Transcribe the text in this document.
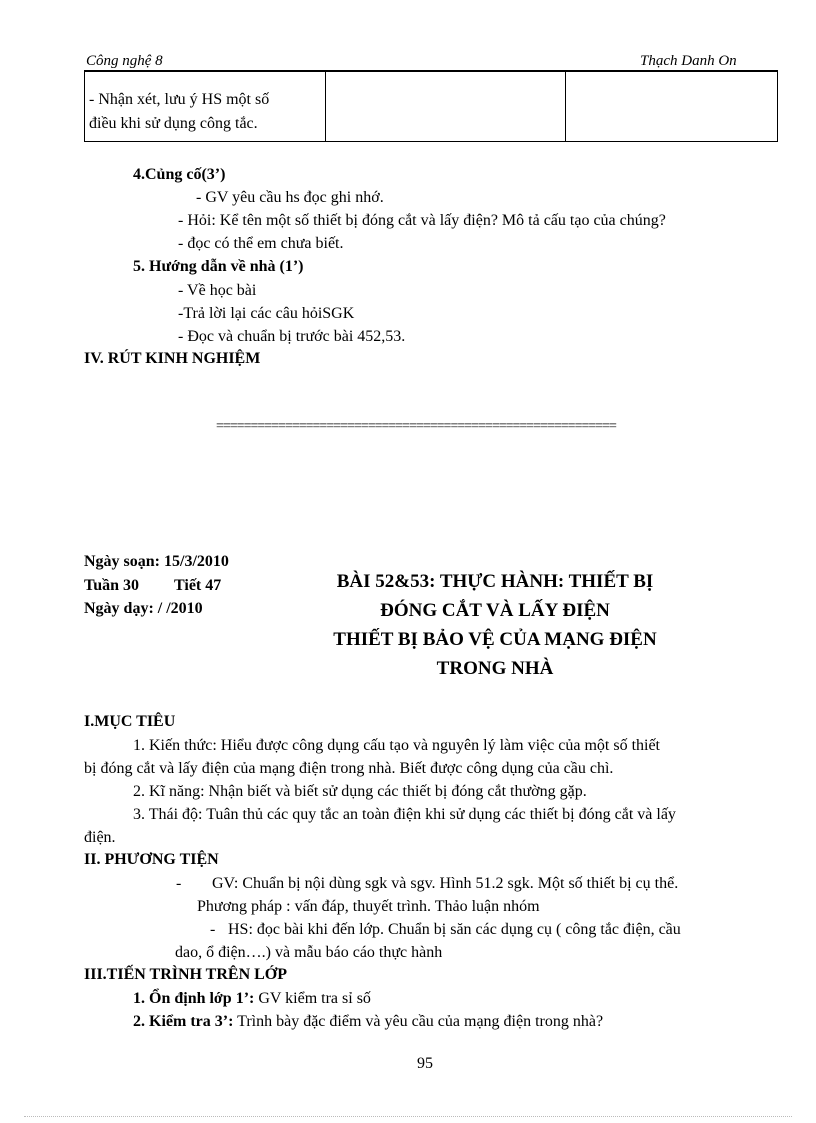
Công nghệ 8	Thạch Danh On
- Nhận xét, lưu ý HS một số
điều khi sử dụng công tắc.

4.Củng cố(3’)
- GV yêu cầu hs đọc ghi nhớ.
- Hỏi: Kể tên một số thiết bị đóng cắt và lấy điện? Mô tả cấu tạo của chúng?
- đọc có thể em chưa biết.
5. Hướng dẫn về nhà (1’)
- Về học bài
-Trả lời lại các câu hỏiSGK
- Đọc và chuẩn bị trước bài 452,53.
IV. RÚT KINH NGHIỆM
==========================================================
Ngày soạn: 15/3/2010
Tuần 30 Tiết 47
Ngày dạy: / /2010
BÀI 52&53: THỰC HÀNH: THIẾT BỊ
ĐÓNG CẮT VÀ LẤY ĐIỆN
THIẾT BỊ BẢO VỆ CỦA MẠNG ĐIỆN
TRONG NHÀ
I.MỤC TIÊU
1. Kiến thức: Hiểu được công dụng cấu tạo và nguyên lý làm việc của một số thiết
bị đóng cắt và lấy điện của mạng điện trong nhà. Biết được công dụng của cầu chì.
2. Kĩ năng: Nhận biết và biết sử dụng các thiết bị đóng cắt thường gặp.
3. Thái độ: Tuân thủ các quy tắc an toàn điện khi sử dụng các thiết bị đóng cắt và lấy
điện.
II. PHƯƠNG TIỆN
- GV: Chuẩn bị nội dùng sgk và sgv. Hình 51.2 sgk. Một số thiết bị cụ thể.
Phương pháp : vấn đáp, thuyết trình. Thảo luận nhóm
- HS: đọc bài khi đến lớp. Chuẩn bị săn các dụng cụ ( công tắc điện, cầu
dao, ổ điện….) và mẫu báo cáo thực hành
III.TIẾN TRÌNH TRÊN LỚP
1. Ổn định lớp 1’: GV kiểm tra sỉ số
2. Kiểm tra 3’: Trình bày đặc điểm và yêu cầu của mạng điện trong nhà?
95
